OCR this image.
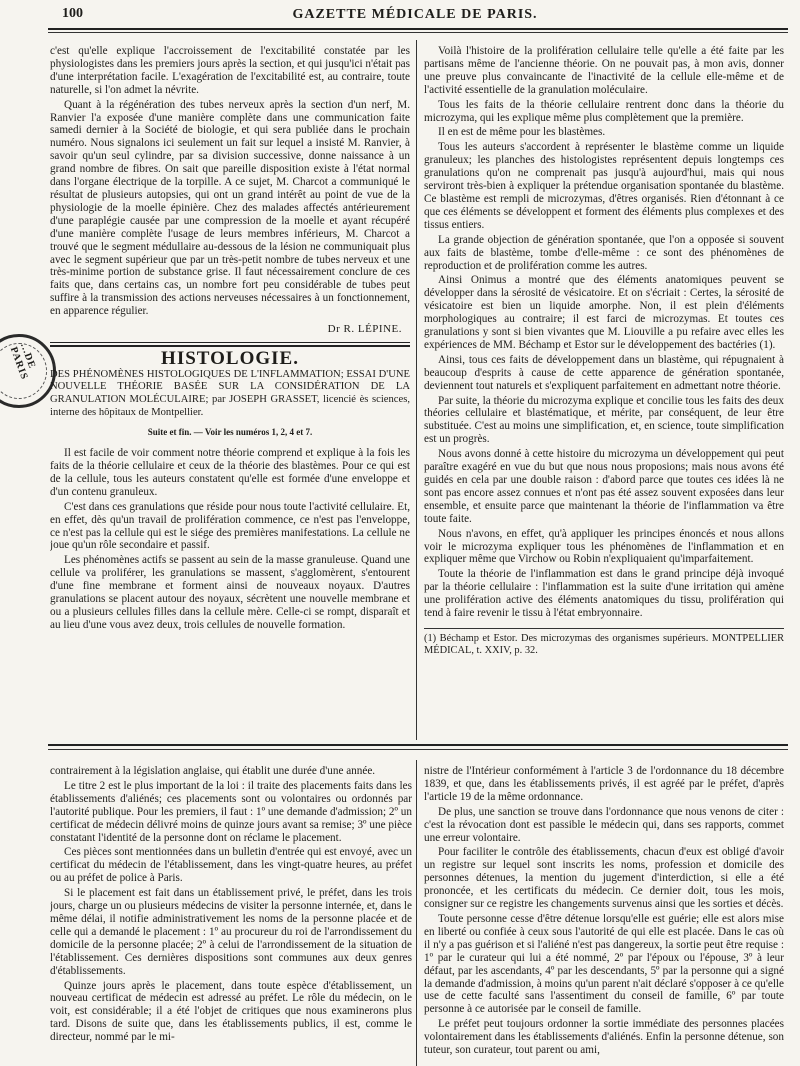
100	GAZETTE MÉDICALE DE PARIS.
...DE PARIS

c'est qu'elle explique l'accroissement de l'excitabilité constatée par les physiologistes dans les premiers jours après la section, et qui jusqu'ici n'était pas d'une interprétation facile. L'exagération de l'excitabilité est, au contraire, toute naturelle, si l'on admet la névrite.

Quant à la régénération des tubes nerveux après la section d'un nerf, M. Ranvier l'a exposée d'une manière complète dans une communication faite samedi dernier à la Société de biologie, et qui sera publiée dans le prochain numéro. Nous signalons ici seulement un fait sur lequel a insisté M. Ranvier, à savoir qu'un seul cylindre, par sa division successive, donne naissance à un grand nombre de fibres. On sait que pareille disposition existe à l'état normal dans l'organe électrique de la torpille. A ce sujet, M. Charcot a communiqué le résultat de plusieurs autopsies, qui ont un grand intérêt au point de vue de la physiologie de la moelle épinière. Chez des malades affectés antérieurement d'une paraplégie causée par une compression de la moelle et ayant récupéré d'une manière complète l'usage de leurs membres inférieurs, M. Charcot a trouvé que le segment médullaire au-dessous de la lésion ne communiquait plus avec le segment supérieur que par un très-petit nombre de tubes nerveux et une très-minime portion de substance grise. Il faut nécessairement conclure de ces faits que, dans certains cas, un nombre fort peu considérable de tubes peut suffire à la transmission des actions nerveuses nécessaires à un fonctionnement, en apparence régulier.

Dr R. LÉPINE.
HISTOLOGIE.
DES PHÉNOMÈNES HISTOLOGIQUES DE L'INFLAMMATION; ESSAI D'UNE NOUVELLE THÉORIE BASÉE SUR LA CONSIDÉRATION DE LA GRANULATION MOLÉCULAIRE; par JOSEPH GRASSET, licencié ès sciences, interne des hôpitaux de Montpellier.
Suite et fin. — Voir les numéros 1, 2, 4 et 7.

Il est facile de voir comment notre théorie comprend et explique à la fois les faits de la théorie cellulaire et ceux de la théorie des blastèmes. Pour ce qui est de la cellule, tous les auteurs constatent qu'elle est formée d'une enveloppe et d'un contenu granuleux.

C'est dans ces granulations que réside pour nous toute l'activité cellulaire. Et, en effet, dès qu'un travail de prolifération commence, ce n'est pas l'enveloppe, ce n'est pas la cellule qui est le siége des premières manifestations. La cellule ne joue qu'un rôle secondaire et passif.

Les phénomènes actifs se passent au sein de la masse granuleuse. Quand une cellule va proliférer, les granulations se massent, s'agglomèrent, s'entourent d'une fine membrane et forment ainsi de nouveaux noyaux. D'autres granulations se placent autour des noyaux, sécrètent une nouvelle membrane et ou a plusieurs cellules filles dans la cellule mère. Celle-ci se rompt, disparaît et au lieu d'une vous avez deux, trois cellules de nouvelle formation.

Voilà l'histoire de la prolifération cellulaire telle qu'elle a été faite par les partisans même de l'ancienne théorie. On ne pouvait pas, à mon avis, donner une preuve plus convaincante de l'inactivité de la cellule elle-même et de l'activité essentielle de la granulation moléculaire.

Tous les faits de la théorie cellulaire rentrent donc dans la théorie du microzyma, qui les explique même plus complètement que la première.

Il en est de même pour les blastèmes.

Tous les auteurs s'accordent à représenter le blastème comme un liquide granuleux; les planches des histologistes représentent depuis longtemps ces granulations qu'on ne comprenait pas jusqu'à aujourd'hui, mais qui nous serviront très-bien à expliquer la prétendue organisation spontanée du blastème. Ce blastème est rempli de microzymas, d'êtres organisés. Rien d'étonnant à ce que ces éléments se développent et forment des éléments plus complexes et des tissus entiers.

La grande objection de génération spontanée, que l'on a opposée si souvent aux faits de blastème, tombe d'elle-même : ce sont des phénomènes de reproduction et de prolifération comme les autres.

Ainsi Onimus a montré que des éléments anatomiques peuvent se développer dans la sérosité de vésicatoire. Et on s'écriait : Certes, la sérosité de vésicatoire est bien un liquide amorphe. Non, il est plein d'éléments morphologiques au contraire; il est farci de microzymas. Et toutes ces granulations y sont si bien vivantes que M. Liouville a pu refaire avec elles les expériences de MM. Béchamp et Estor sur le développement des bactéries (1).

Ainsi, tous ces faits de développement dans un blastème, qui répugnaient à beaucoup d'esprits à cause de cette apparence de génération spontanée, deviennent tout naturels et s'expliquent parfaitement en admettant notre théorie.

Par suite, la théorie du microzyma explique et concilie tous les faits des deux théories cellulaire et blastématique, et mérite, par conséquent, de leur être substituée. C'est au moins une simplification, et, en science, toute simplification est un progrès.

Nous avons donné à cette histoire du microzyma un développement qui peut paraître exagéré en vue du but que nous nous proposions; mais nous avons été guidés en cela par une double raison : d'abord parce que toutes ces idées là ne sont pas encore assez connues et n'ont pas été assez souvent exposées dans leur ensemble, et ensuite parce que maintenant la théorie de l'inflammation va être toute faite.

Nous n'avons, en effet, qu'à appliquer les principes énoncés et nous allons voir le microzyma expliquer tous les phénomènes de l'inflammation et en expliquer même que Virchow ou Robin n'expliquaient qu'imparfaitement.

Toute la théorie de l'inflammation est dans le grand principe déjà invoqué par la théorie cellulaire : l'inflammation est la suite d'une irritation qui amène une prolifération active des éléments anatomiques du tissu, prolifération qui tend à faire revenir le tissu à l'état embryonnaire.

(1) Béchamp et Estor. Des microzymas des organismes supérieurs. MONTPELLIER MÉDICAL, t. XXIV, p. 32.

contrairement à la législation anglaise, qui établit une durée d'une année.

Le titre 2 est le plus important de la loi : il traite des placements faits dans les établissements d'aliénés; ces placements sont ou volontaires ou ordonnés par l'autorité publique. Pour les premiers, il faut : 1º une demande d'admission; 2º un certificat de médecin délivré moins de quinze jours avant sa remise; 3º une pièce constatant l'identité de la personne dont on réclame le placement.

Ces pièces sont mentionnées dans un bulletin d'entrée qui est envoyé, avec un certificat du médecin de l'établissement, dans les vingt-quatre heures, au préfet ou au préfet de police à Paris.

Si le placement est fait dans un établissement privé, le préfet, dans les trois jours, charge un ou plusieurs médecins de visiter la personne internée, et, dans le même délai, il notifie administrativement les noms de la personne placée et de celle qui a demandé le placement : 1º au procureur du roi de l'arrondissement du domicile de la personne placée; 2º à celui de l'arrondissement de la situation de l'établissement. Ces dernières dispositions sont communes aux deux genres d'établissements.

Quinze jours après le placement, dans toute espèce d'établissement, un nouveau certificat de médecin est adressé au préfet. Le rôle du médecin, on le voit, est considérable; il a été l'objet de critiques que nous examinerons plus tard. Disons de suite que, dans les établissements publics, il est, comme le directeur, nommé par le mi-

nistre de l'Intérieur conformément à l'article 3 de l'ordonnance du 18 décembre 1839, et que, dans les établissements privés, il est agréé par le préfet, d'après l'article 19 de la même ordonnance.

De plus, une sanction se trouve dans l'ordonnance que nous venons de citer : c'est la révocation dont est passible le médecin qui, dans ses rapports, commet une erreur volontaire.

Pour faciliter le contrôle des établissements, chacun d'eux est obligé d'avoir un registre sur lequel sont inscrits les noms, profession et domicile des personnes détenues, la mention du jugement d'interdiction, si elle a été prononcée, et les certificats du médecin. Ce dernier doit, tous les mois, consigner sur ce registre les changements survenus ainsi que les sorties et décès.

Toute personne cesse d'être détenue lorsqu'elle est guérie; elle est alors mise en liberté ou confiée à ceux sous l'autorité de qui elle est placée. Dans le cas où il n'y a pas guérison et si l'aliéné n'est pas dangereux, la sortie peut être requise : 1º par le curateur qui lui a été nommé, 2º par l'époux ou l'épouse, 3º à leur défaut, par les ascendants, 4º par les descendants, 5º par la personne qui a signé la demande d'admission, à moins qu'un parent n'ait déclaré s'opposer à ce qu'elle use de cette faculté sans l'assentiment du conseil de famille, 6º par toute personne à ce autorisée par le conseil de famille.

Le préfet peut toujours ordonner la sortie immédiate des personnes placées volontairement dans les établissements d'aliénés. Enfin la personne détenue, son tuteur, son curateur, tout parent ou ami,
